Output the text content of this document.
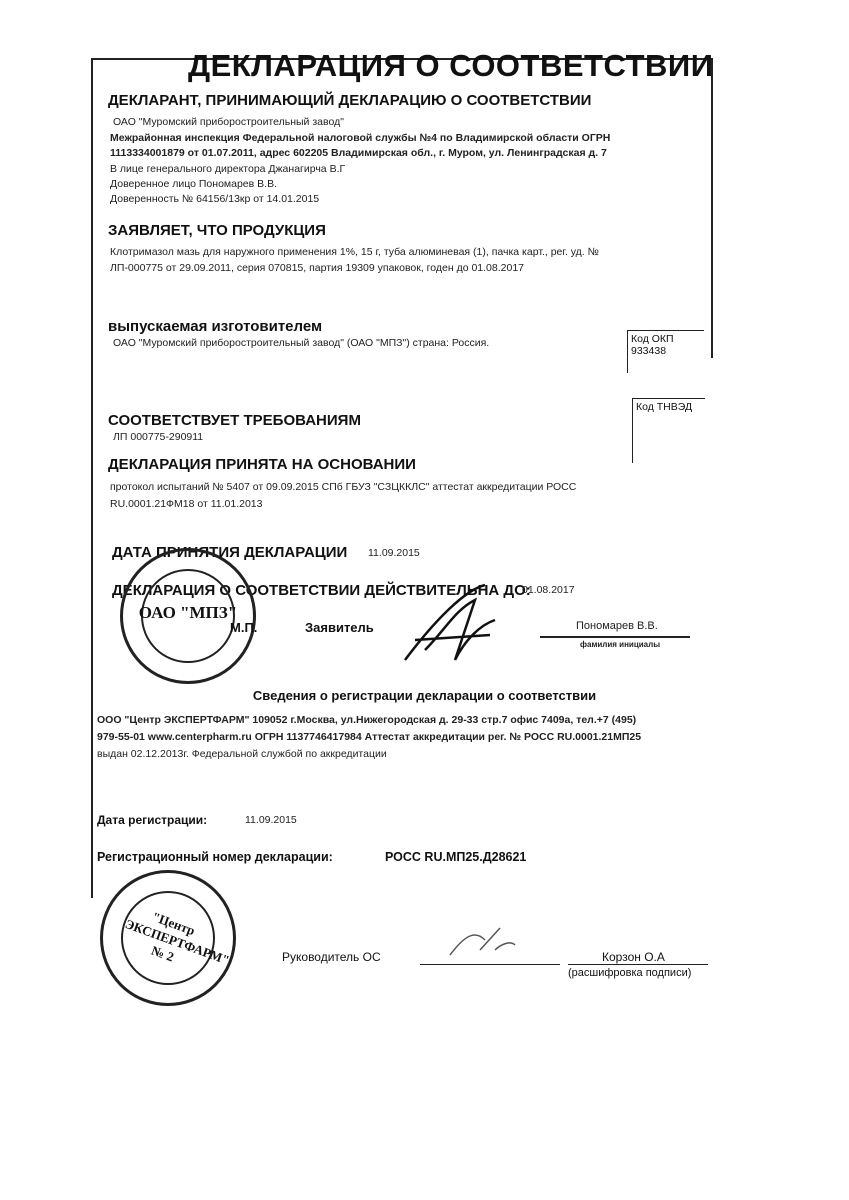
ДЕКЛАРАЦИЯ О СООТВЕТСТВИИ
ДЕКЛАРАНТ, ПРИНИМАЮЩИЙ ДЕКЛАРАЦИЮ О СООТВЕТСТВИИ
ОАО "Муромский приборостроительный завод"
Межрайонная инспекция Федеральной налоговой службы №4 по Владимирской области ОГРН
1113334001879 от 01.07.2011, адрес 602205 Владимирская обл., г. Муром, ул. Ленинградская д. 7
В лице генерального директора Джанагирча В.Г
Доверенное лицо Пономарев В.В.
Доверенность № 64156/13кр от 14.01.2015
ЗАЯВЛЯЕТ, ЧТО ПРОДУКЦИЯ
Клотримазол мазь для наружного применения 1%, 15 г, туба алюминевая (1), пачка карт., рег. уд. №
ЛП-000775 от 29.09.2011, серия 070815, партия 19309 упаковок, годен до 01.08.2017
выпускаемая изготовителем
ОАО "Муромский приборостроительный завод" (ОАО "МПЗ") страна: Россия.	Код ОКП
933438
СООТВЕТСТВУЕТ ТРЕБОВАНИЯМ
ЛП 000775-290911
Код ТНВЭД
ДЕКЛАРАЦИЯ ПРИНЯТА НА ОСНОВАНИИ
протокол испытаний № 5407 от 09.09.2015 СПб ГБУЗ "СЗЦККЛС" аттестат аккредитации РОСС
RU.0001.21ФМ18 от 11.01.2013
ДАТА ПРИНЯТИЯ ДЕКЛАРАЦИИ 11.09.2015
ДЕКЛАРАЦИЯ О СООТВЕТСТВИИ ДЕЙСТВИТЕЛЬНА ДО:
01.08.2017
ОАО "МПЗ"
М.П.	Заявитель	Пономарев В.В.
фамилия инициалы
Сведения о регистрации декларации о соответствии
ООО "Центр ЭКСПЕРТФАРМ" 109052 г.Москва, ул.Нижегородская д. 29-33 стр.7 офис 7409а, тел.+7 (495)
979-55-01 www.centerpharm.ru ОГРН 1137746417984 Аттестат аккредитации рег. № РОСС RU.0001.21МП25
выдан 02.12.2013г. Федеральной службой по аккредитации
Дата регистрации:	11.09.2015
Регистрационный номер декларации:	РОСС RU.МП25.Д28621
"Центр ЭКСПЕРТФАРМ" № 2	Руководитель ОС	Корзон О.А
(расшифровка подписи)
